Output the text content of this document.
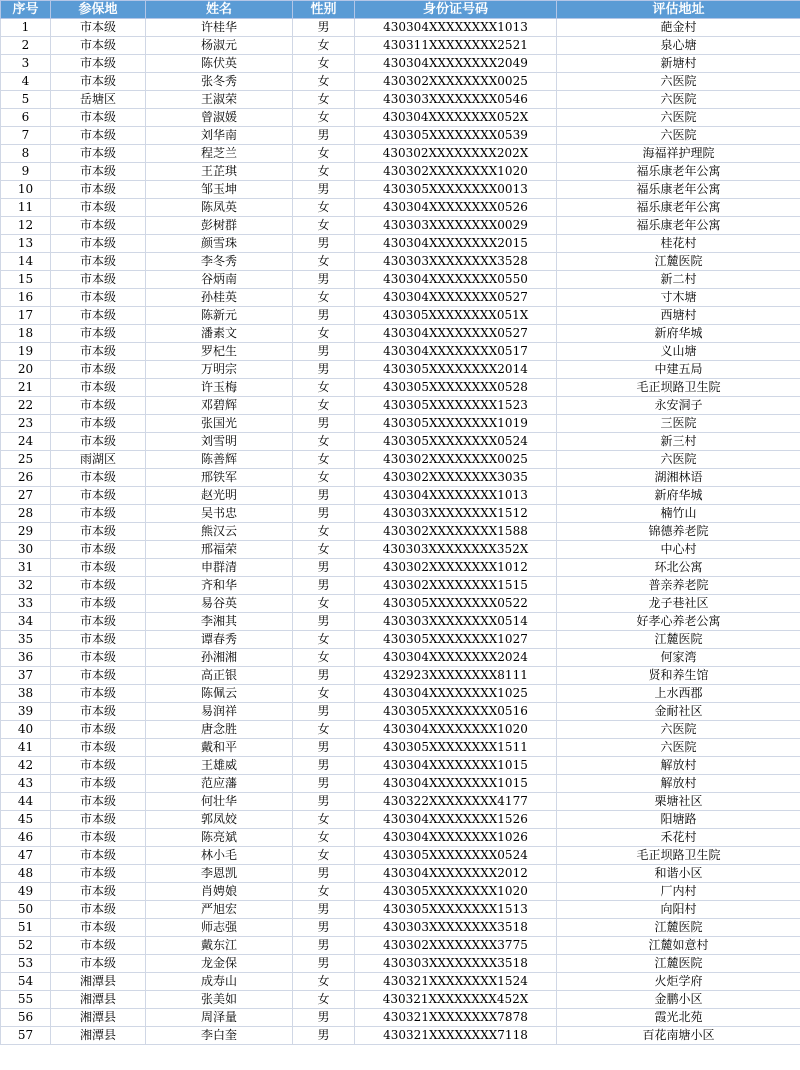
序号	参保地	姓名	性别	身份证号码	评估地址
1	市本级	许桂华	男	430304XXXXXXXX1013	葩金村
2	市本级	杨淑元	女	430311XXXXXXXX2521	泉心塘
3	市本级	陈伏英	女	430304XXXXXXXX2049	新塘村
4	市本级	张冬秀	女	430302XXXXXXXX0025	六医院
5	岳塘区	王淑荣	女	430303XXXXXXXX0546	六医院
6	市本级	曾淑媛	女	430304XXXXXXXX052X	六医院
7	市本级	刘华南	男	430305XXXXXXXX0539	六医院
8	市本级	程芝兰	女	430302XXXXXXXX202X	海福祥护理院
9	市本级	王芷琪	女	430302XXXXXXXX1020	福乐康老年公寓
10	市本级	邹玉坤	男	430305XXXXXXXX0013	福乐康老年公寓
11	市本级	陈凤英	女	430304XXXXXXXX0526	福乐康老年公寓
12	市本级	彭树群	女	430303XXXXXXXX0029	福乐康老年公寓
13	市本级	颜雪珠	男	430304XXXXXXXX2015	桂花村
14	市本级	李冬秀	女	430303XXXXXXXX3528	江麓医院
15	市本级	谷炳南	男	430304XXXXXXXX0550	新二村
16	市本级	孙桂英	女	430304XXXXXXXX0527	寸木塘
17	市本级	陈新元	男	430305XXXXXXXX051X	西塘村
18	市本级	潘素文	女	430304XXXXXXXX0527	新府华城
19	市本级	罗杞生	男	430304XXXXXXXX0517	义山塘
20	市本级	万明宗	男	430305XXXXXXXX2014	中建五局
21	市本级	许玉梅	女	430305XXXXXXXX0528	毛正坝路卫生院
22	市本级	邓碧辉	女	430305XXXXXXXX1523	永安洞子
23	市本级	张国光	男	430305XXXXXXXX1019	三医院
24	市本级	刘雪明	女	430305XXXXXXXX0524	新三村
25	雨湖区	陈善辉	女	430302XXXXXXXX0025	六医院
26	市本级	邢铁军	女	430302XXXXXXXX3035	湖湘林语
27	市本级	赵光明	男	430304XXXXXXXX1013	新府华城
28	市本级	吴书忠	男	430303XXXXXXXX1512	楠竹山
29	市本级	熊汉云	女	430302XXXXXXXX1588	锦德养老院
30	市本级	邢福荣	女	430303XXXXXXXX352X	中心村
31	市本级	申群清	男	430302XXXXXXXX1012	环北公寓
32	市本级	齐和华	男	430302XXXXXXXX1515	普亲养老院
33	市本级	易谷英	女	430305XXXXXXXX0522	龙子巷社区
34	市本级	李湘其	男	430303XXXXXXXX0514	好孝心养老公寓
35	市本级	谭春秀	女	430305XXXXXXXX1027	江麓医院
36	市本级	孙湘湘	女	430304XXXXXXXX2024	何家湾
37	市本级	高正银	男	432923XXXXXXXX8111	贤和养生馆
38	市本级	陈佩云	女	430304XXXXXXXX1025	上水西郡
39	市本级	易润祥	男	430305XXXXXXXX0516	金耐社区
40	市本级	唐念胜	女	430304XXXXXXXX1020	六医院
41	市本级	戴和平	男	430305XXXXXXXX1511	六医院
42	市本级	王雄威	男	430304XXXXXXXX1015	解放村
43	市本级	范应藩	男	430304XXXXXXXX1015	解放村
44	市本级	何壮华	男	430322XXXXXXXX4177	栗塘社区
45	市本级	郭凤姣	女	430304XXXXXXXX1526	阳塘路
46	市本级	陈亮斌	女	430304XXXXXXXX1026	禾花村
47	市本级	林小毛	女	430305XXXXXXXX0524	毛正坝路卫生院
48	市本级	李恩凯	男	430304XXXXXXXX2012	和谐小区
49	市本级	肖娉娘	女	430305XXXXXXXX1020	厂内村
50	市本级	严旭宏	男	430305XXXXXXXX1513	向阳村
51	市本级	师志强	男	430303XXXXXXXX3518	江麓医院
52	市本级	戴东江	男	430302XXXXXXXX3775	江麓如意村
53	市本级	龙金保	男	430303XXXXXXXX3518	江麓医院
54	湘潭县	成寿山	女	430321XXXXXXXX1524	火炬学府
55	湘潭县	张美如	女	430321XXXXXXXX452X	金鹏小区
56	湘潭县	周泽量	男	430321XXXXXXXX7878	霞光北苑
57	湘潭县	李白奎	男	430321XXXXXXXX7118	百花南塘小区
